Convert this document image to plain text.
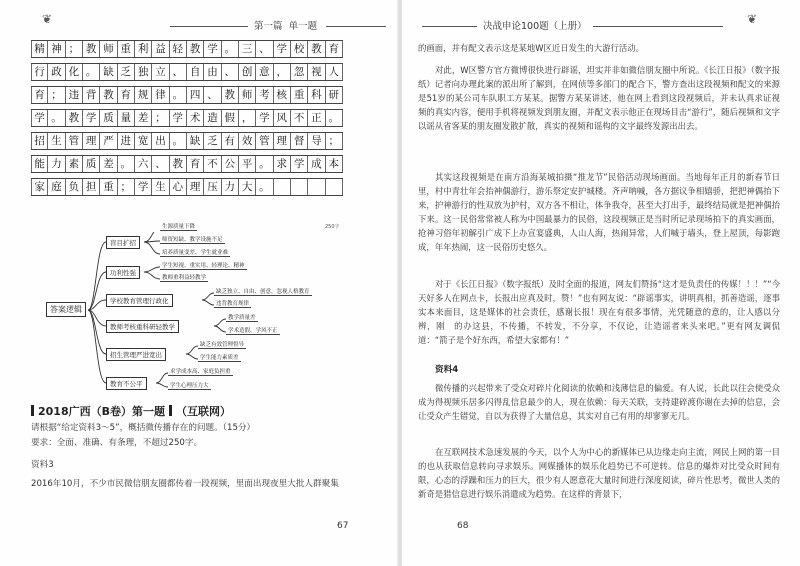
❦
第一篇 单一题
精 神 ； 教 师 重 利 益 轻 教 学 。 三 、 学 校 教 育
行 政 化 。 缺 乏 独 立 、 自 由 、 创 意 ， 忽 视 人
育 ； 违 背 教 育 规 律 。 四 、 教 师 考 核 重 科 研
学 。 教 学 质 量 差 ； 学 术 造 假 ， 学 风 不 正 。
招 生 管 理 严 进 宽 出 。 缺 乏 有 效 管 理 督 导 ；
能 力 素 质 差 。 六 、 教 育 不 公 平 。 求 学 成 本
家 庭 负 担 重 ； 学 生 心 理 压 力 大 。
250字
答案逻辑
盲目扩招
生源质量下降
师资短缺、教学设施不足
培养质量变差、学生就业难
功利性强
学生短视、重实用、轻理论、精神
教师重利益轻教学
学校教育管理行政化
缺乏独立、自由、创意，忽视人格教育
违背教育规律
教师考核重科研轻教学
教学质量差
学术造假、学风不正
招生管理严进宽出
缺乏有效管理督导
学生能力素质差
教育不公平
求学成本高、家庭负担重
学生心理压力大
2018广西（B卷）第一题 （互联网）
请根据“给定资料3～5”，概括微传播存在的问题。（15分）
要求：全面、准确、有条理，不超过250字。
资料3
2016年10月，不少市民微信朋友圈都传着一段视频，里面出现夜里大批人群聚集
67
决战申论100题（上册）
❦
68
的画面，并有配文表示这是某地W区近日发生的大游行活动。
对此，W区警方官方微博很快进行辟谣，坦实并非如微信朋友圈中所说。《长江日报》（数字报纸）记者向办理此案的派出所了解到，在网侦等多部门的配合下，警方查出这段视频和配文的来源是51岁的某公司车队职工方某某。据警方某某讲述，他在网上看到这段视频后，并未认真求证视频的真实内容，便用手机将视频发到朋友圈，并配文表示他正在现场目击“游行”，随后视频和文字以谣从省客某的朋友圈发散扩散，真实的视频和谣构的文字最终发源出出去。
其实这段视频是在南方沿海某城拍摄“推龙节”民俗活动现场画面。当地每年正月的新春节日里，村中青壮年会抬神偶游行，游乐祭定安护城楼。齐声呐喊，各方据议争相嬉骄，把把神偶抬下来，护神游行的性双放为护村，双方各不相让，体争我夺，甚至大打出手，最终结局就是把神偶抬下来。这一民俗常常被人称为中国最暴力的民俗，这段视频正是当时所记录现场拍下的真实画面，抢神习俗年初解引广成下上办宣宴盛典，人山人海，热闹异常，人们喊于墙头，登上屋顶，每影跑成，年年热闹，这一民俗历史悠久。
对于《长江日报》（数字报纸）及时全面的报道，网友们赞扬“这才是负责任的传媒！！！”“今天好多人在网点卡，长报出应真及时，赞！”也有网友说：“辟谣事实，讲明真相，抓善造谣，逐事实本来面目，这是媒体的社会责任，感谢长报！现在有很多事情，光凭随意的意的，让人感以分辨，刚　的办这县，不传播，不转发，不分享，不仅论，让造谣者来头来吧。”更有网友调侃道：“箭子是个好东西，希望大家都有！”
资料4
微传播的兴起带来了受众对碎片化阅读的依赖和浅薄信息的偏爱。有人说，长此以往会使受众成为得视频乐居多闪得乱信息最少的人，现在依赖：每天关联，支持建碎渡你谢在去掉的信息，会让受众产生错觉，自以为获得了大量信息，其实对自己有用的却寥寥无几。
在互联网技术急速发展的今天，以个人为中心的新媒体已从边缘走向主流，网民上网的第一目的也从获取信息转向寻求娱乐。网媒播体的娱乐化趋势已不可逆转。信息的爆炸对比受众时间有限，心态的浮躁和压力的巨大，很少有人愿意花大量时间进行深度阅读，碎片性思考，微世人类的新奇是猎信息进行娱乐消遣成为趋势。在这样的背景下，
